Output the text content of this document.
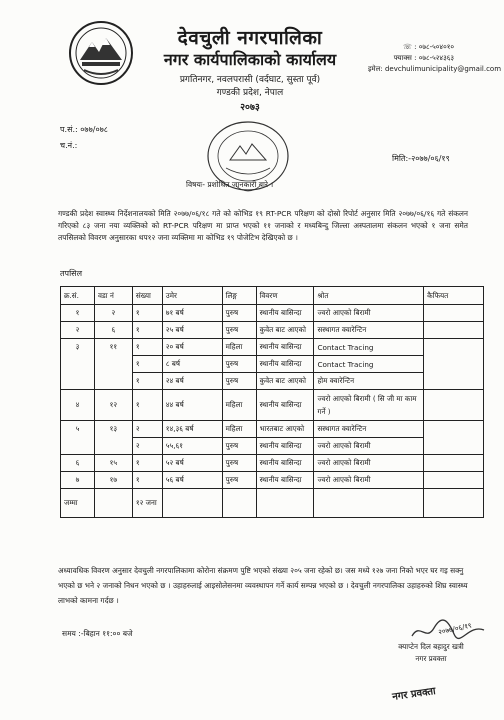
देवचुली नगरपालिका
नगर कार्यपालिकाको कार्यालय
प्रगतिनगर, नवलपरासी (वर्दघाट, सुस्ता पूर्व)
गण्डकी प्रदेश, नेपाल
२०७३
☏ : ०७८-५०४०१०
फ्याक्स : ०७८-५२४३६३
इमेल: devchulimunicipality@gmail.com
प.सं.: ०७७/०७८
च.नं.:
मिति:-२०७७/०६/१९
विषयः- प्रशोधित जानकारी बारे ।
गण्डकी प्रदेश स्वास्थ्य निर्देशनालयको मिति २०७७/०६/१८ गते को कोभिड १९ RT-PCR परिक्षण को दोस्रो रिपोर्ट अनुसार मिति २०७७/०६/१६ गते संकलन गरिएको ८३ जना नया व्यक्तिको को RT-PCR परिक्षण मा प्राप्त भएको ११ जनाको र मध्यबिन्दु जिल्ला अस्पतालमा संकलन भएको १ जना समेत तपसिलको विवरण अनुसारका थप१२ जना व्यक्तिमा मा कोभिड १९ पोजेटिभ देखिएको छ ।
तपसिल
क्र.सं.	वडा नं	संख्या	उमेर	लिङ्ग	विवरण	श्रोत	कैफियत
१	२	१	७१ बर्ष	पुरुष	स्थानीय बासिन्दा	ज्वरो आएको बिरामी	
२	६	१	२५ बर्ष	पुरुष	कुवेत बाट आएको	सस्थागत क्वारेन्टिन	
३	११	१	२० बर्ष	महिला	स्थानीय बासिन्दा	Contact Tracing	
		१	८ बर्ष	पुरुष	स्थानीय बासिन्दा	Contact Tracing	
		१	२४ बर्ष	पुरुष	कुवेत बाट आएको	होम क्वारेन्टिन	
४	१२	१	४४ बर्ष	महिला	स्थानीय बासिन्दा	ज्वरो आएको बिरामी ( सि जी मा काम गर्ने )	
५	१३	२	१४,३६ बर्ष	महिला	भारतबाट आएको	सस्थागत क्वारेन्टिन	
		२	५५,६१	पुरुष	स्थानीय बासिन्दा	ज्वरो आएको बिरामी	
६	१५	१	५२ बर्ष	पुरुष	स्थानीय बासिन्दा	ज्वरो आएको बिरामी	
७	१७	१	५६ बर्ष	पुरुष	स्थानीय बासिन्दा	ज्वरो आएको बिरामी	
जम्मा		१२ जना					
अध्यावधिक विवरण अनुसार देवचुली नगरपालिकामा कोरोना संक्रमण पुष्टि भएको संख्या २०५ जना रहेको छ। जस मध्ये १२७ जना निको भएर घर गइ सक्नु भएको छ भने २ जनाको निधन भएको छ । उहाहरुलाई आइसोलेसनमा व्यवस्थापन गर्ने कार्य सम्पन्न भएको छ । देवचुली नगरपालिका उहाहरुको शिघ्र स्वास्थ्य लाभको कामना गर्दछ ।
समय :-बिहान ११:०० बजे	२०७७/०६/१९
क्याप्टेन दिल बहादुर खत्री
नगर प्रवक्ता
नगर प्रवक्ता
